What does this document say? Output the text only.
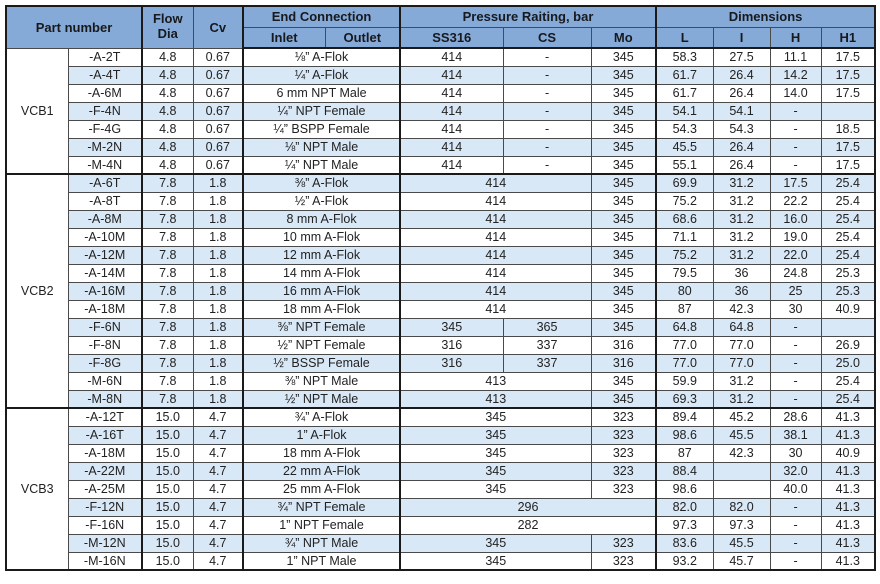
Part number		Flow Dia	Cv	End Connection		Pressure Raiting, bar			Dimensions			
				Inlet	Outlet	SS316	CS	Mo	L	I	H	H1
VCB1	-A-2T	4.8	0.67	⅛” A-Flok		414	-	345	58.3	27.5	11.1	17.5
	-A-4T	4.8	0.67	¼” A-Flok		414	-	345	61.7	26.4	14.2	17.5
	-A-6M	4.8	0.67	6 mm NPT Male		414	-	345	61.7	26.4	14.0	17.5
	-F-4N	4.8	0.67	¼” NPT Female		414	-	345	54.1	54.1	-	
	-F-4G	4.8	0.67	¼” BSPP Female		414	-	345	54.3	54.3	-	18.5
	-M-2N	4.8	0.67	⅛” NPT Male		414	-	345	45.5	26.4	-	17.5
	-M-4N	4.8	0.67	¼” NPT Male		414	-	345	55.1	26.4	-	17.5
VCB2	-A-6T	7.8	1.8	⅜” A-Flok		414		345	69.9	31.2	17.5	25.4
	-A-8T	7.8	1.8	½” A-Flok		414		345	75.2	31.2	22.2	25.4
	-A-8M	7.8	1.8	8 mm A-Flok		414		345	68.6	31.2	16.0	25.4
	-A-10M	7.8	1.8	10 mm A-Flok		414		345	71.1	31.2	19.0	25.4
	-A-12M	7.8	1.8	12 mm A-Flok		414		345	75.2	31.2	22.0	25.4
	-A-14M	7.8	1.8	14 mm A-Flok		414		345	79.5	36	24.8	25.3
	-A-16M	7.8	1.8	16 mm A-Flok		414		345	80	36	25	25.3
	-A-18M	7.8	1.8	18 mm A-Flok		414		345	87	42.3	30	40.9
	-F-6N	7.8	1.8	⅜” NPT Female		345	365	345	64.8	64.8	-	
	-F-8N	7.8	1.8	½” NPT Female		316	337	316	77.0	77.0	-	26.9
	-F-8G	7.8	1.8	½” BSSP Female		316	337	316	77.0	77.0	-	25.0
	-M-6N	7.8	1.8	⅜” NPT Male		413		345	59.9	31.2	-	25.4
	-M-8N	7.8	1.8	½” NPT Male		413		345	69.3	31.2	-	25.4
VCB3	-A-12T	15.0	4.7	¾” A-Flok		345		323	89.4	45.2	28.6	41.3
	-A-16T	15.0	4.7	1” A-Flok		345		323	98.6	45.5	38.1	41.3
	-A-18M	15.0	4.7	18 mm A-Flok		345		323	87	42.3	30	40.9
	-A-22M	15.0	4.7	22 mm A-Flok		345		323	88.4		32.0	41.3
	-A-25M	15.0	4.7	25 mm A-Flok		345		323	98.6		40.0	41.3
	-F-12N	15.0	4.7	¾” NPT Female		296			82.0	82.0	-	41.3
	-F-16N	15.0	4.7	1” NPT Female		282			97.3	97.3	-	41.3
	-M-12N	15.0	4.7	¾” NPT Male		345		323	83.6	45.5	-	41.3
	-M-16N	15.0	4.7	1” NPT Male		345		323	93.2	45.7	-	41.3
